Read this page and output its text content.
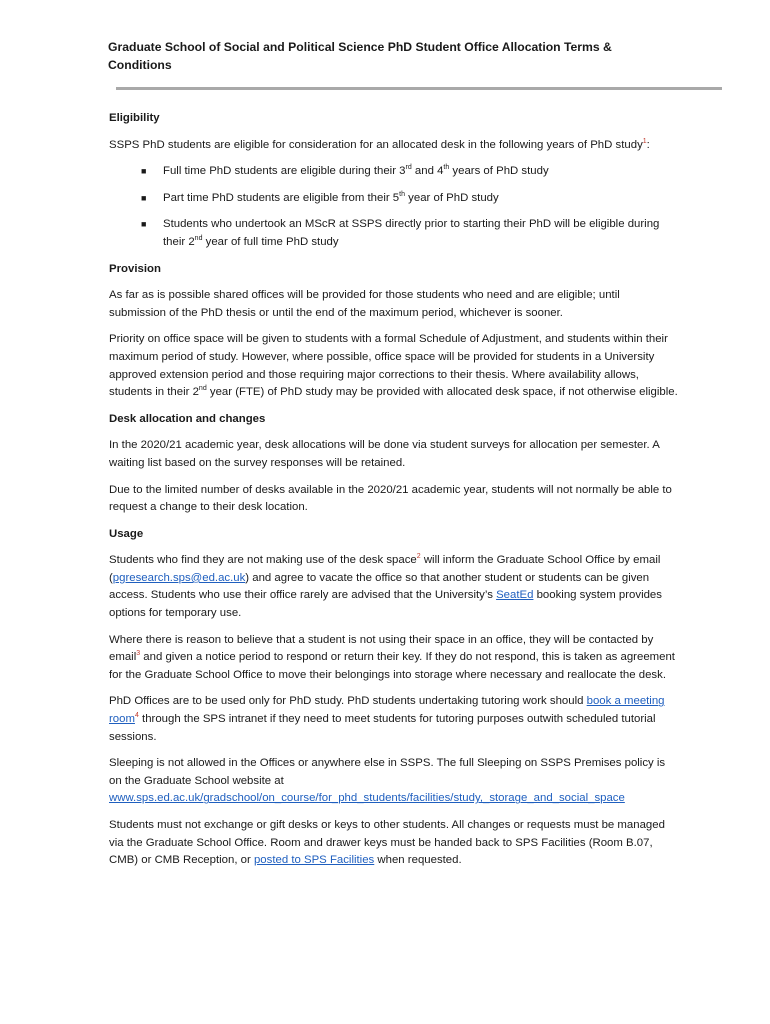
Graduate School of Social and Political Science PhD Student Office Allocation Terms & Conditions
Eligibility

SSPS PhD students are eligible for consideration for an allocated desk in the following years of PhD study$^1$:

■ Full time PhD students are eligible during their 3rd and 4th years of PhD study
■ Part time PhD students are eligible from their 5th year of PhD study
■ Students who undertook an MScR at SSPS directly prior to starting their PhD will be eligible during their 2nd year of full time PhD study
Provision

As far as is possible shared offices will be provided for those students who need and are eligible; until submission of the PhD thesis or until the end of the maximum period, whichever is sooner.

Priority on office space will be given to students with a formal Schedule of Adjustment, and students within their maximum period of study. However, where possible, office space will be provided for students in a University approved extension period and those requiring major corrections to their thesis. Where availability allows, students in their 2nd year (FTE) of PhD study may be provided with allocated desk space, if not otherwise eligible.

Desk allocation and changes

In the 2020/21 academic year, desk allocations will be done via student surveys for allocation per semester. A waiting list based on the survey responses will be retained.

Due to the limited number of desks available in the 2020/21 academic year, students will not normally be able to request a change to their desk location.

Usage

Students who find they are not making use of the desk space$^2$ will inform the Graduate School Office by email (pgresearch.sps@ed.ac.uk) and agree to vacate the office so that another student or students can be given access. Students who use their office rarely are advised that the University’s SeatEd booking system provides options for temporary use.

Where there is reason to believe that a student is not using their space in an office, they will be contacted by email$^3$ and given a notice period to respond or return their key. If they do not respond, this is taken as agreement for the Graduate School Office to move their belongings into storage where necessary and reallocate the desk.

PhD Offices are to be used only for PhD study. PhD students undertaking tutoring work should book a meeting room$^4$ through the SPS intranet if they need to meet students for tutoring purposes outwith scheduled tutorial sessions.

Sleeping is not allowed in the Offices or anywhere else in SSPS. The full Sleeping on SSPS Premises policy is on the Graduate School website at
www.sps.ed.ac.uk/gradschool/on_course/for_phd_students/facilities/study,_storage_and_social_space

Students must not exchange or gift desks or keys to other students. All changes or requests must be managed via the Graduate School Office. Room and drawer keys must be handed back to SPS Facilities (Room B.07, CMB) or CMB Reception, or posted to SPS Facilities when requested.
